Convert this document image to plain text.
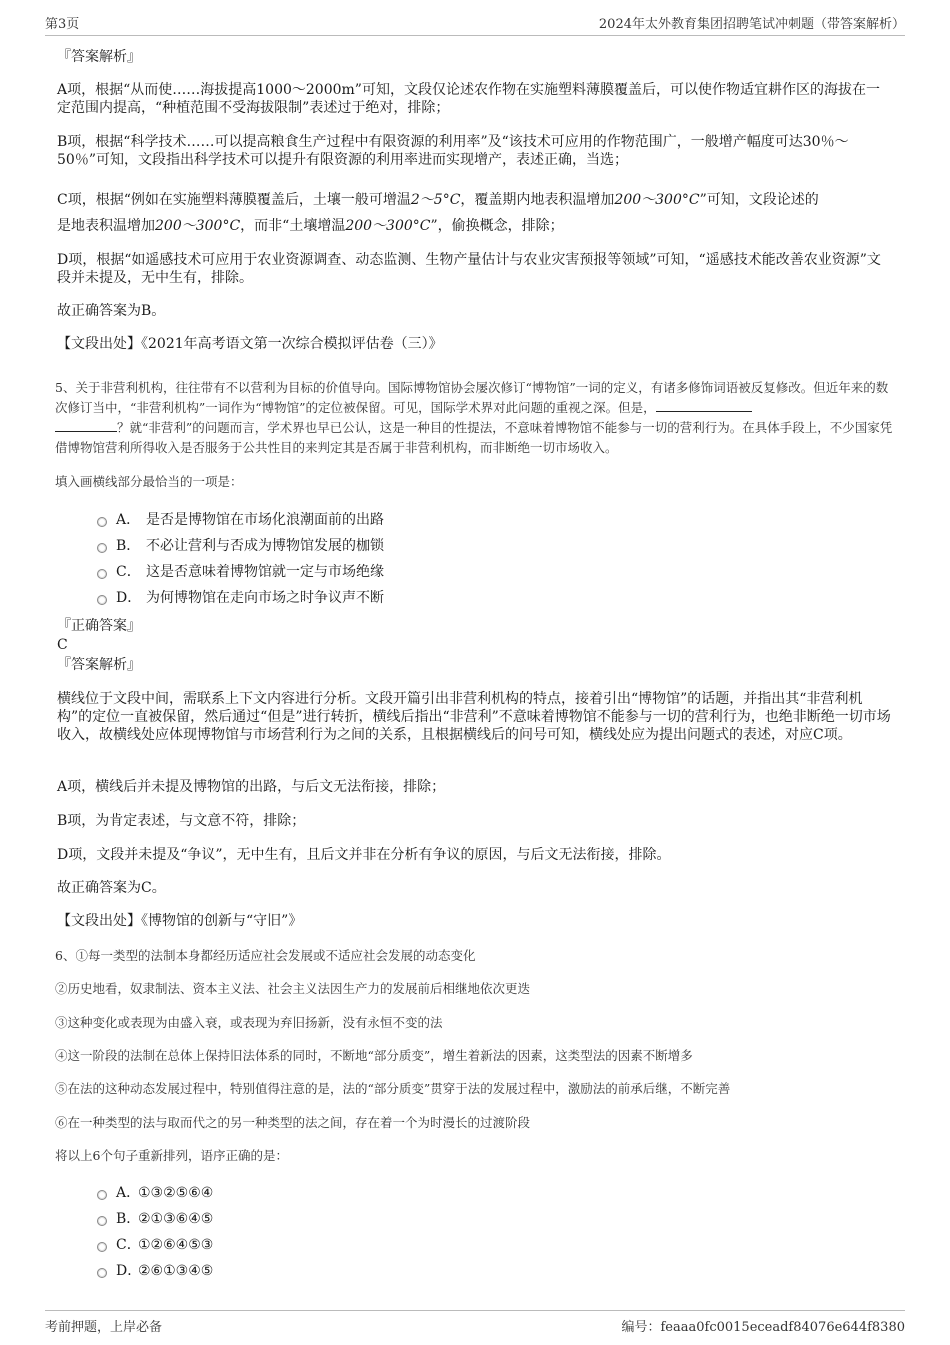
第3页	2024年太外教育集团招聘笔试冲刺题（带答案解析）
『答案解析』
A项，根据“从而使……海拔提高1000～2000m”可知，文段仅论述农作物在实施塑料薄膜覆盖后，可以使作物适宜耕作区的海拔在一定范围内提高，“种植范围不受海拔限制”表述过于绝对，排除；
B项，根据“科学技术……可以提高粮食生产过程中有限资源的利用率”及“该技术可应用的作物范围广，一般增产幅度可达30％～50％”可知，文段指出科学技术可以提升有限资源的利用率进而实现增产，表述正确，当选；
C项，根据“例如在实施塑料薄膜覆盖后，土壤一般可增温2～5°C，覆盖期内地表积温增加200～300°C”可知，文段论述的
是地表积温增加200～300°C，而非“土壤增温200～300°C”，偷换概念，排除；
D项，根据“如遥感技术可应用于农业资源调查、动态监测、生物产量估计与农业灾害预报等领域”可知，“遥感技术能改善农业资源”文段并未提及，无中生有，排除。
故正确答案为B。
【文段出处】《2021年高考语文第一次综合模拟评估卷（三）》
5、关于非营利机构，往往带有不以营利为目标的价值导向。国际博物馆协会屡次修订“博物馆”一词的定义，有诸多修饰词语被反复修改。但近年来的数次修订当中，“非营利机构”一词作为“博物馆”的定位被保留。可见，国际学术界对此问题的重视之深。但是，
？就“非营利”的问题而言，学术界也早已公认，这是一种目的性提法，不意味着博物馆不能参与一切的营利行为。在具体手段上，不少国家凭借博物馆营利所得收入是否服务于公共性目的来判定其是否属于非营利机构，而非断绝一切市场收入。
填入画横线部分最恰当的一项是：
A． 是否是博物馆在市场化浪潮面前的出路
B． 不必让营利与否成为博物馆发展的枷锁
C． 这是否意味着博物馆就一定与市场绝缘
D． 为何博物馆在走向市场之时争议声不断
『正确答案』
C
『答案解析』
横线位于文段中间，需联系上下文内容进行分析。文段开篇引出非营利机构的特点，接着引出“博物馆”的话题，并指出其“非营利机构”的定位一直被保留，然后通过“但是”进行转折，横线后指出“非营利”不意味着博物馆不能参与一切的营利行为，也绝非断绝一切市场收入，故横线处应体现博物馆与市场营利行为之间的关系，且根据横线后的问号可知，横线处应为提出问题式的表述，对应C项。
A项，横线后并未提及博物馆的出路，与后文无法衔接，排除；
B项，为肯定表述，与文意不符，排除；
D项，文段并未提及“争议”，无中生有，且后文并非在分析有争议的原因，与后文无法衔接，排除。
故正确答案为C。
【文段出处】《博物馆的创新与“守旧”》
6、①每一类型的法制本身都经历适应社会发展或不适应社会发展的动态变化
②历史地看，奴隶制法、资本主义法、社会主义法因生产力的发展前后相继地依次更迭
③这种变化或表现为由盛入衰，或表现为弃旧扬新，没有永恒不变的法
④这一阶段的法制在总体上保持旧法体系的同时，不断地“部分质变”，增生着新法的因素，这类型法的因素不断增多
⑤在法的这种动态发展过程中，特别值得注意的是，法的“部分质变”贯穿于法的发展过程中，激励法的前承后继，不断完善
⑥在一种类型的法与取而代之的另一种类型的法之间，存在着一个为时漫长的过渡阶段
将以上6个句子重新排列，语序正确的是：
A．
①③②⑤⑥④
B．
②①③⑥④⑤
C．
①②⑥④⑤③
D．
②⑥①③④⑤
考前押题，上岸必备	编号：feaaa0fc0015eceadf84076e644f8380
